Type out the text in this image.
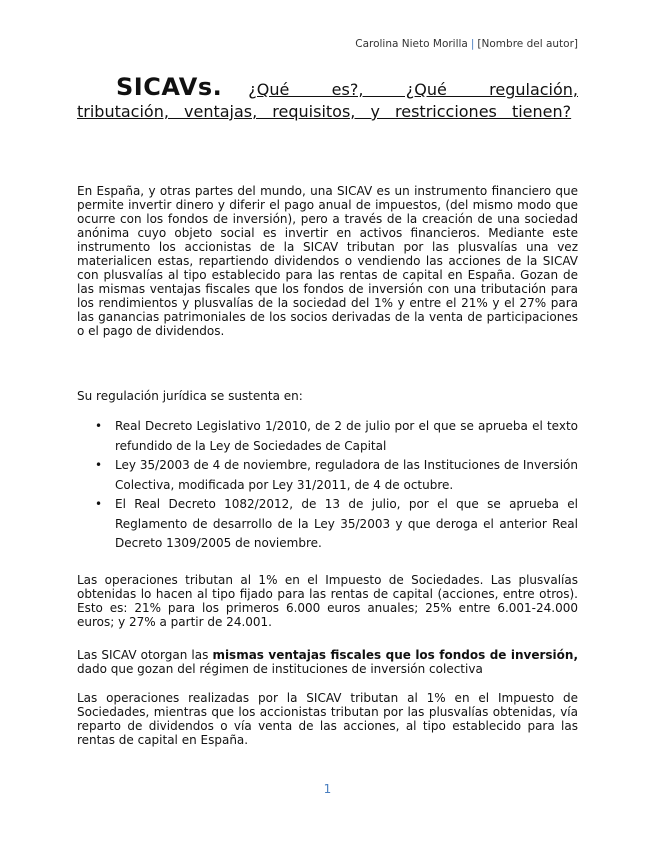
Carolina Nieto Morilla | [Nombre del autor]
SICAVs. ¿Qué es?, ¿Qué regulación, tributación, ventajas, requisitos, y restricciones tienen?
En España, y otras partes del mundo, una SICAV es un instrumento financiero que permite invertir dinero y diferir el pago anual de impuestos, (del mismo modo que ocurre con los fondos de inversión), pero a través de la creación de una sociedad anónima cuyo objeto social es invertir en activos financieros. Mediante este instrumento los accionistas de la SICAV tributan por las plusvalías una vez materialicen estas, repartiendo dividendos o vendiendo las acciones de la SICAV con plusvalías al tipo establecido para las rentas de capital en España. Gozan de las mismas ventajas fiscales que los fondos de inversión con una tributación para los rendimientos y plusvalías de la sociedad del 1% y entre el 21% y el 27% para las ganancias patrimoniales de los socios derivadas de la venta de participaciones o el pago de dividendos.
Su regulación jurídica se sustenta en:
• Real Decreto Legislativo 1/2010, de 2 de julio por el que se aprueba el texto refundido de la Ley de Sociedades de Capital
• Ley 35/2003 de 4 de noviembre, reguladora de las Instituciones de Inversión Colectiva, modificada por Ley 31/2011, de 4 de octubre.
• El Real Decreto 1082/2012, de 13 de julio, por el que se aprueba el Reglamento de desarrollo de la Ley 35/2003 y que deroga el anterior Real Decreto 1309/2005 de noviembre.
Las operaciones tributan al 1% en el Impuesto de Sociedades. Las plusvalías obtenidas lo hacen al tipo fijado para las rentas de capital (acciones, entre otros). Esto es: 21% para los primeros 6.000 euros anuales; 25% entre 6.001-24.000 euros; y 27% a partir de 24.001.
Las SICAV otorgan las mismas ventajas fiscales que los fondos de inversión, dado que gozan del régimen de instituciones de inversión colectiva
Las operaciones realizadas por la SICAV tributan al 1% en el Impuesto de Sociedades, mientras que los accionistas tributan por las plusvalías obtenidas, vía reparto de dividendos o vía venta de las acciones, al tipo establecido para las rentas de capital en España.
1
